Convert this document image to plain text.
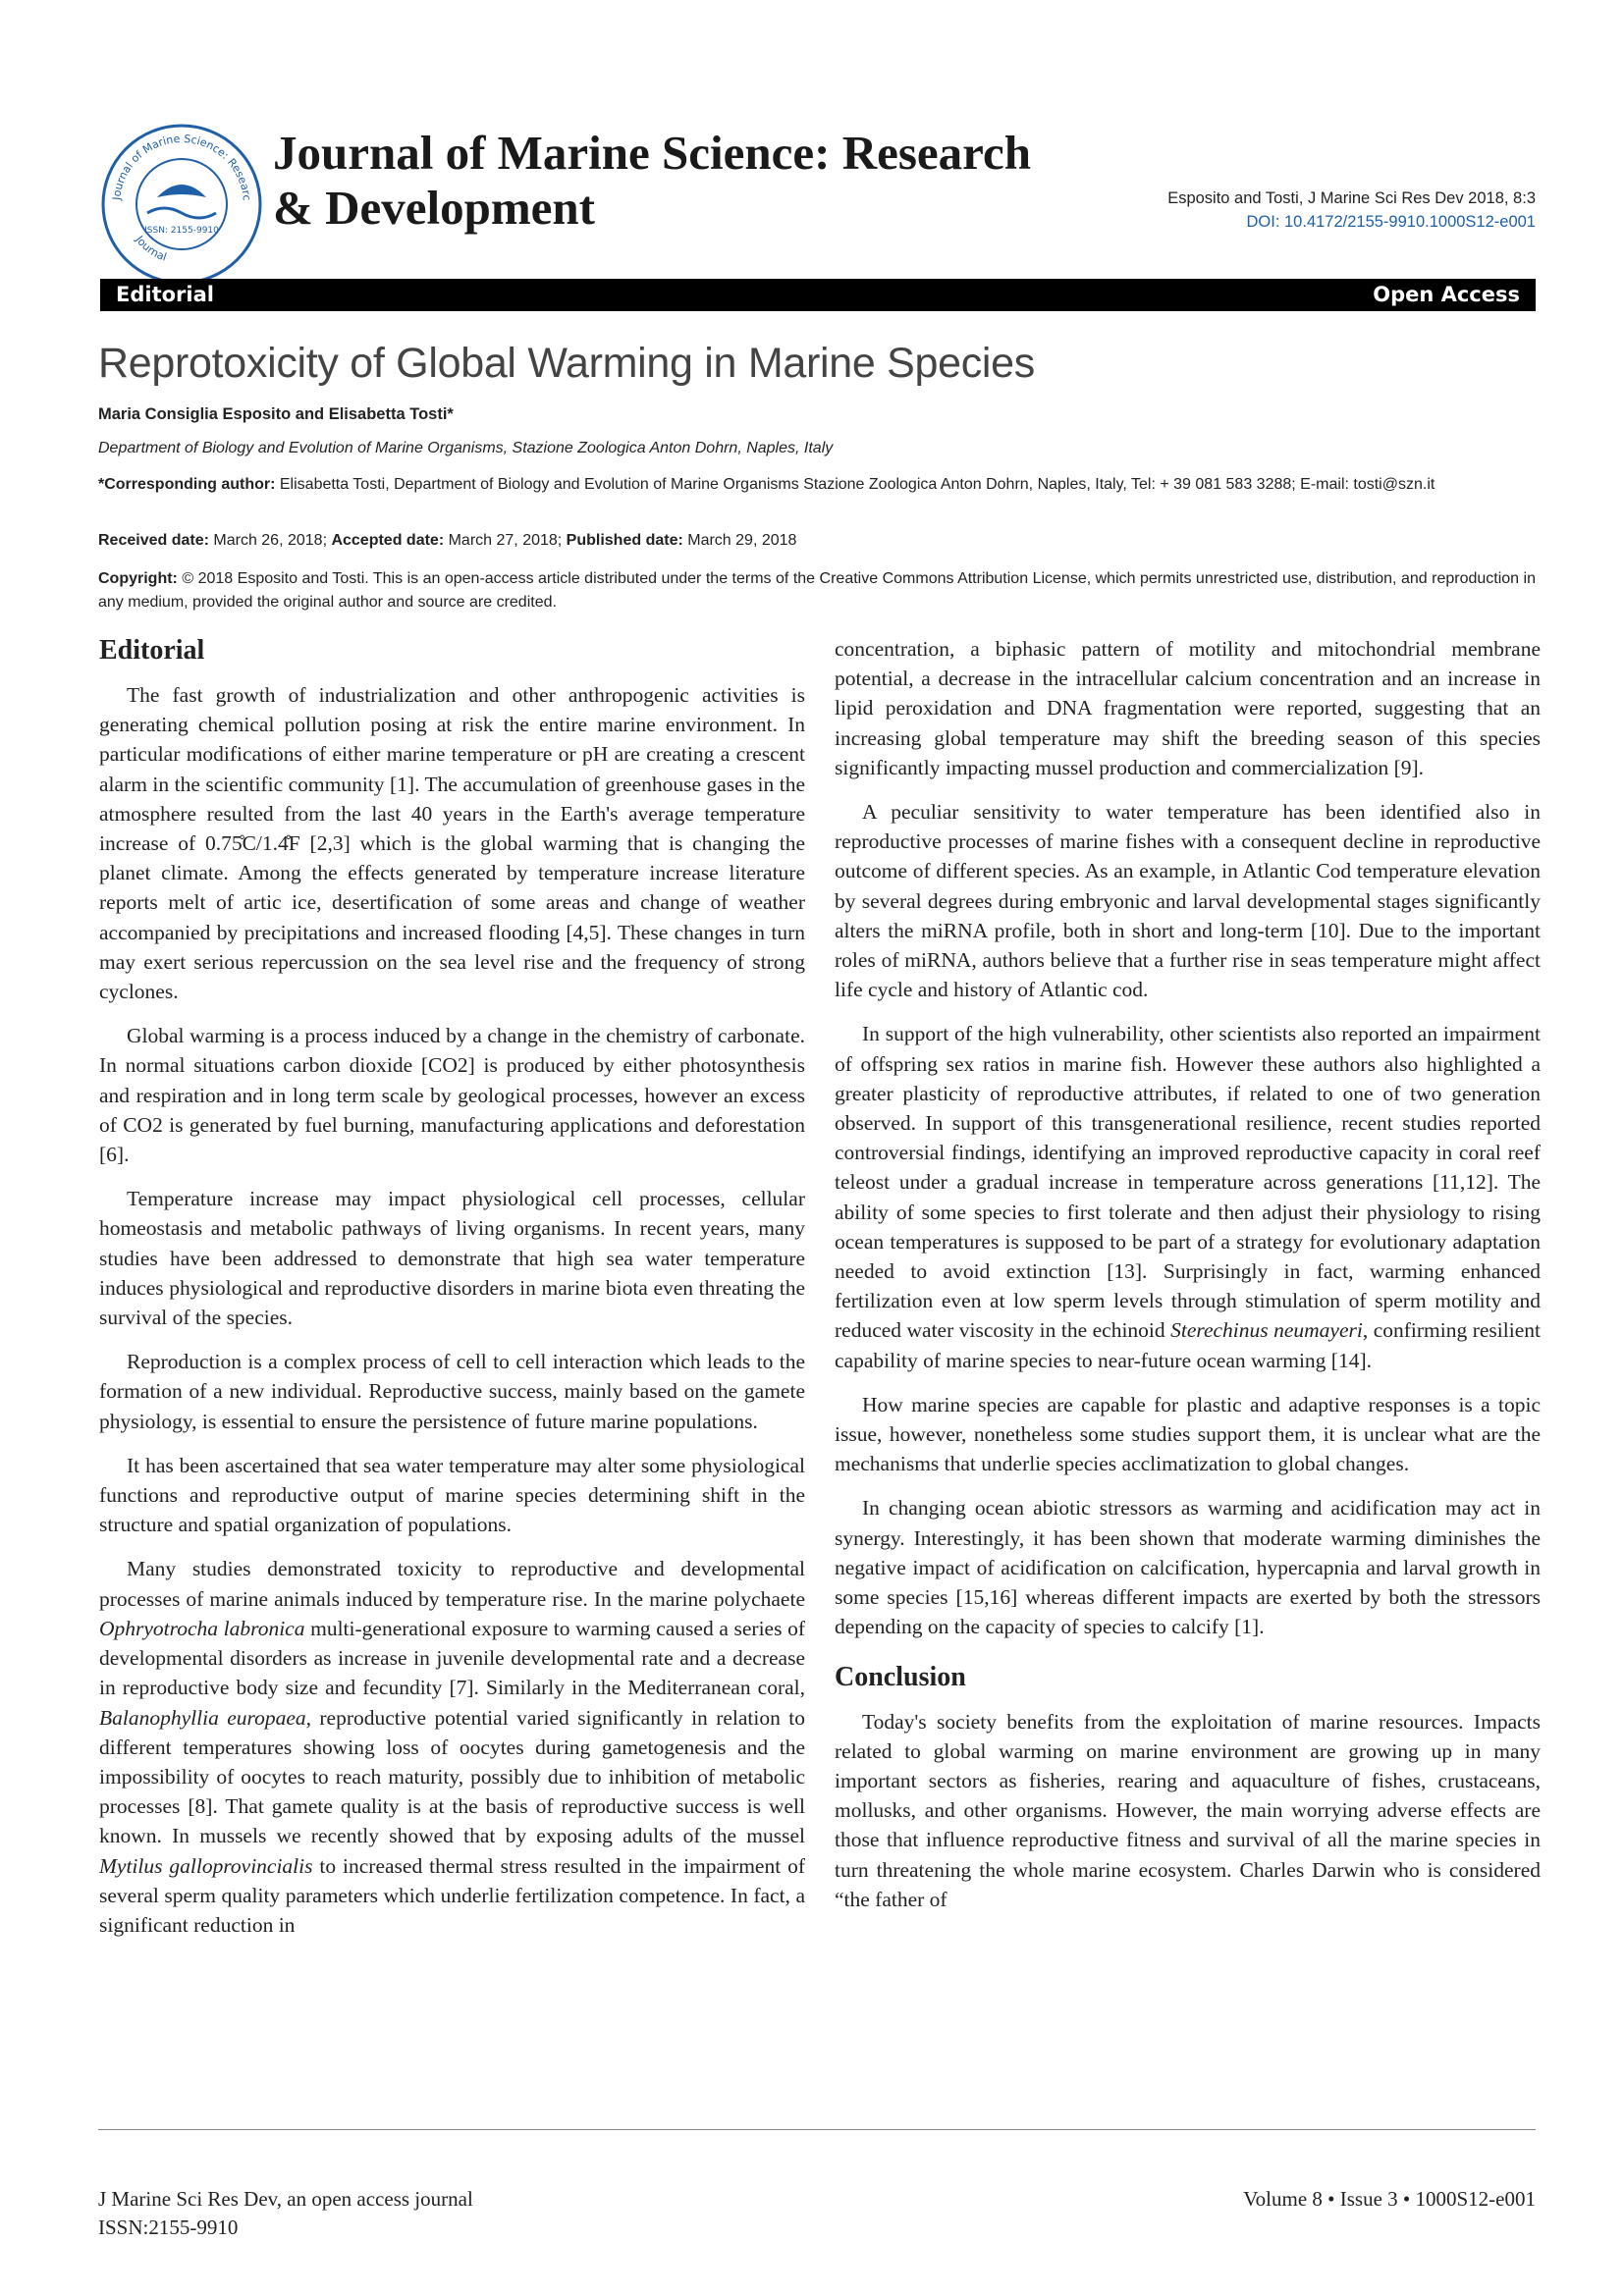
Journal of Marine Science: Researc
Journal
ISSN: 2155-9910
Journal of Marine Science: Research & Development	Esposito and Tosti, J Marine Sci Res Dev 2018, 8:3
DOI: 10.4172/2155-9910.1000S12-e001
Editorial	Open Access
Reprotoxicity of Global Warming in Marine Species
Maria Consiglia Esposito and Elisabetta Tosti*
Department of Biology and Evolution of Marine Organisms, Stazione Zoologica Anton Dohrn, Naples, Italy
*Corresponding author: Elisabetta Tosti, Department of Biology and Evolution of Marine Organisms Stazione Zoologica Anton Dohrn, Naples, Italy, Tel: + 39 081 583 3288; E-mail: tosti@szn.it
Received date: March 26, 2018; Accepted date: March 27, 2018; Published date: March 29, 2018
Copyright: © 2018 Esposito and Tosti. This is an open-access article distributed under the terms of the Creative Commons Attribution License, which permits unrestricted use, distribution, and reproduction in any medium, provided the original author and source are credited.
Editorial

The fast growth of industrialization and other anthropogenic activities is generating chemical pollution posing at risk the entire marine environment. In particular modifications of either marine temperature or pH are creating a crescent alarm in the scientific community [1]. The accumulation of greenhouse gases in the atmosphere resulted from the last 40 years in the Earth's average temperature increase of 0.75̊C/1.4̊F [2,3] which is the global warming that is changing the planet climate. Among the effects generated by temperature increase literature reports melt of artic ice, desertification of some areas and change of weather accompanied by precipitations and increased flooding [4,5]. These changes in turn may exert serious repercussion on the sea level rise and the frequency of strong cyclones.

Global warming is a process induced by a change in the chemistry of carbonate. In normal situations carbon dioxide [CO2] is produced by either photosynthesis and respiration and in long term scale by geological processes, however an excess of CO2 is generated by fuel burning, manufacturing applications and deforestation [6].

Temperature increase may impact physiological cell processes, cellular homeostasis and metabolic pathways of living organisms. In recent years, many studies have been addressed to demonstrate that high sea water temperature induces physiological and reproductive disorders in marine biota even threating the survival of the species.

Reproduction is a complex process of cell to cell interaction which leads to the formation of a new individual. Reproductive success, mainly based on the gamete physiology, is essential to ensure the persistence of future marine populations.

It has been ascertained that sea water temperature may alter some physiological functions and reproductive output of marine species determining shift in the structure and spatial organization of populations.

Many studies demonstrated toxicity to reproductive and developmental processes of marine animals induced by temperature rise. In the marine polychaete Ophryotrocha labronica multi-generational exposure to warming caused a series of developmental disorders as increase in juvenile developmental rate and a decrease in reproductive body size and fecundity [7]. Similarly in the Mediterranean coral, Balanophyllia europaea, reproductive potential varied significantly in relation to different temperatures showing loss of oocytes during gametogenesis and the impossibility of oocytes to reach maturity, possibly due to inhibition of metabolic processes [8]. That gamete quality is at the basis of reproductive success is well known. In mussels we recently showed that by exposing adults of the mussel Mytilus galloprovincialis to increased thermal stress resulted in the impairment of several sperm quality parameters which underlie fertilization competence. In fact, a significant reduction in

concentration, a biphasic pattern of motility and mitochondrial membrane potential, a decrease in the intracellular calcium concentration and an increase in lipid peroxidation and DNA fragmentation were reported, suggesting that an increasing global temperature may shift the breeding season of this species significantly impacting mussel production and commercialization [9].

A peculiar sensitivity to water temperature has been identified also in reproductive processes of marine fishes with a consequent decline in reproductive outcome of different species. As an example, in Atlantic Cod temperature elevation by several degrees during embryonic and larval developmental stages significantly alters the miRNA profile, both in short and long-term [10]. Due to the important roles of miRNA, authors believe that a further rise in seas temperature might affect life cycle and history of Atlantic cod.

In support of the high vulnerability, other scientists also reported an impairment of offspring sex ratios in marine fish. However these authors also highlighted a greater plasticity of reproductive attributes, if related to one of two generation observed. In support of this transgenerational resilience, recent studies reported controversial findings, identifying an improved reproductive capacity in coral reef teleost under a gradual increase in temperature across generations [11,12]. The ability of some species to first tolerate and then adjust their physiology to rising ocean temperatures is supposed to be part of a strategy for evolutionary adaptation needed to avoid extinction [13]. Surprisingly in fact, warming enhanced fertilization even at low sperm levels through stimulation of sperm motility and reduced water viscosity in the echinoid Sterechinus neumayeri, confirming resilient capability of marine species to near-future ocean warming [14].

How marine species are capable for plastic and adaptive responses is a topic issue, however, nonetheless some studies support them, it is unclear what are the mechanisms that underlie species acclimatization to global changes.

In changing ocean abiotic stressors as warming and acidification may act in synergy. Interestingly, it has been shown that moderate warming diminishes the negative impact of acidification on calcification, hypercapnia and larval growth in some species [15,16] whereas different impacts are exerted by both the stressors depending on the capacity of species to calcify [1].

Conclusion

Today's society benefits from the exploitation of marine resources. Impacts related to global warming on marine environment are growing up in many important sectors as fisheries, rearing and aquaculture of fishes, crustaceans, mollusks, and other organisms. However, the main worrying adverse effects are those that influence reproductive fitness and survival of all the marine species in turn threatening the whole marine ecosystem. Charles Darwin who is considered “the father of

J Marine Sci Res Dev, an open access journal
ISSN:2155-9910
Volume 8 • Issue 3 • 1000S12-e001
